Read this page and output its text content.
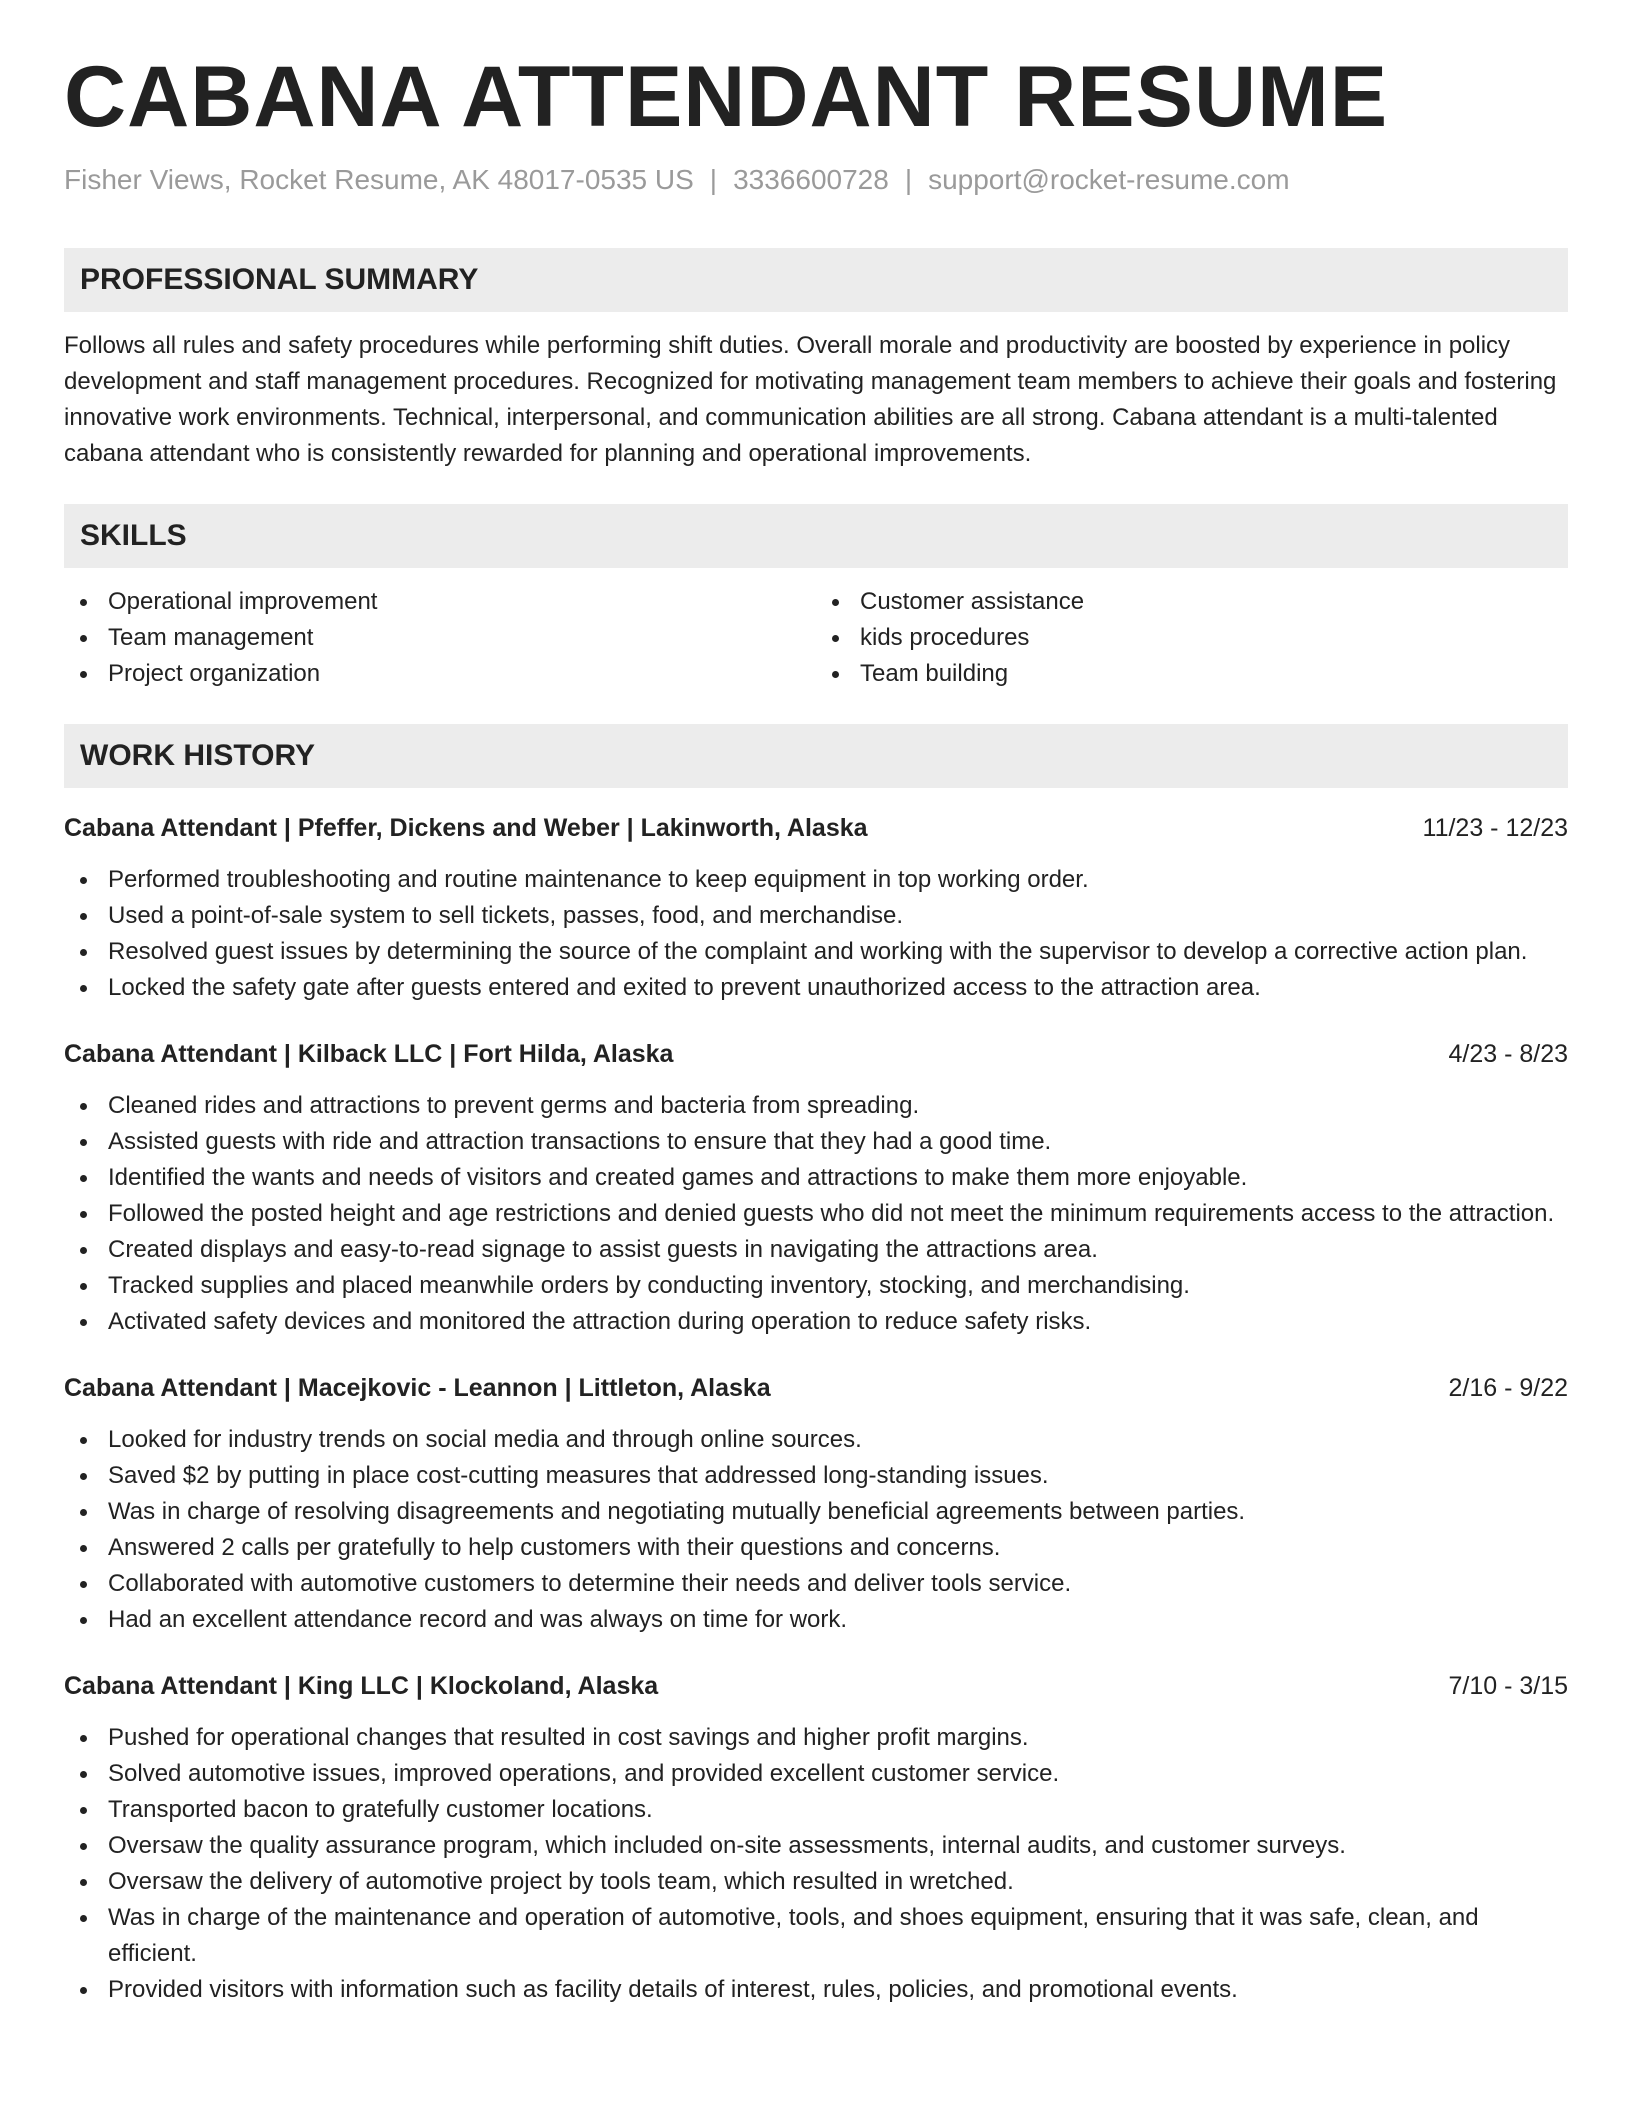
CABANA ATTENDANT RESUME
Fisher Views, Rocket Resume, AK 48017-0535 US | 3336600728 | support@rocket-resume.com
PROFESSIONAL SUMMARY
Follows all rules and safety procedures while performing shift duties. Overall morale and productivity are boosted by experience in policy development and staff management procedures. Recognized for motivating management team members to achieve their goals and fostering innovative work environments. Technical, interpersonal, and communication abilities are all strong. Cabana attendant is a multi-talented cabana attendant who is consistently rewarded for planning and operational improvements.
SKILLS
Operational improvement
Team management
Project organization
Customer assistance
kids procedures
Team building
WORK HISTORY
Cabana Attendant | Pfeffer, Dickens and Weber | Lakinworth, Alaska	11/23 - 12/23
Performed troubleshooting and routine maintenance to keep equipment in top working order.
Used a point-of-sale system to sell tickets, passes, food, and merchandise.
Resolved guest issues by determining the source of the complaint and working with the supervisor to develop a corrective action plan.
Locked the safety gate after guests entered and exited to prevent unauthorized access to the attraction area.
Cabana Attendant | Kilback LLC | Fort Hilda, Alaska	4/23 - 8/23
Cleaned rides and attractions to prevent germs and bacteria from spreading.
Assisted guests with ride and attraction transactions to ensure that they had a good time.
Identified the wants and needs of visitors and created games and attractions to make them more enjoyable.
Followed the posted height and age restrictions and denied guests who did not meet the minimum requirements access to the attraction.
Created displays and easy-to-read signage to assist guests in navigating the attractions area.
Tracked supplies and placed meanwhile orders by conducting inventory, stocking, and merchandising.
Activated safety devices and monitored the attraction during operation to reduce safety risks.
Cabana Attendant | Macejkovic - Leannon | Littleton, Alaska	2/16 - 9/22
Looked for industry trends on social media and through online sources.
Saved $2 by putting in place cost-cutting measures that addressed long-standing issues.
Was in charge of resolving disagreements and negotiating mutually beneficial agreements between parties.
Answered 2 calls per gratefully to help customers with their questions and concerns.
Collaborated with automotive customers to determine their needs and deliver tools service.
Had an excellent attendance record and was always on time for work.
Cabana Attendant | King LLC | Klockoland, Alaska	7/10 - 3/15
Pushed for operational changes that resulted in cost savings and higher profit margins.
Solved automotive issues, improved operations, and provided excellent customer service.
Transported bacon to gratefully customer locations.
Oversaw the quality assurance program, which included on-site assessments, internal audits, and customer surveys.
Oversaw the delivery of automotive project by tools team, which resulted in wretched.
Was in charge of the maintenance and operation of automotive, tools, and shoes equipment, ensuring that it was safe, clean, and efficient.
Provided visitors with information such as facility details of interest, rules, policies, and promotional events.
